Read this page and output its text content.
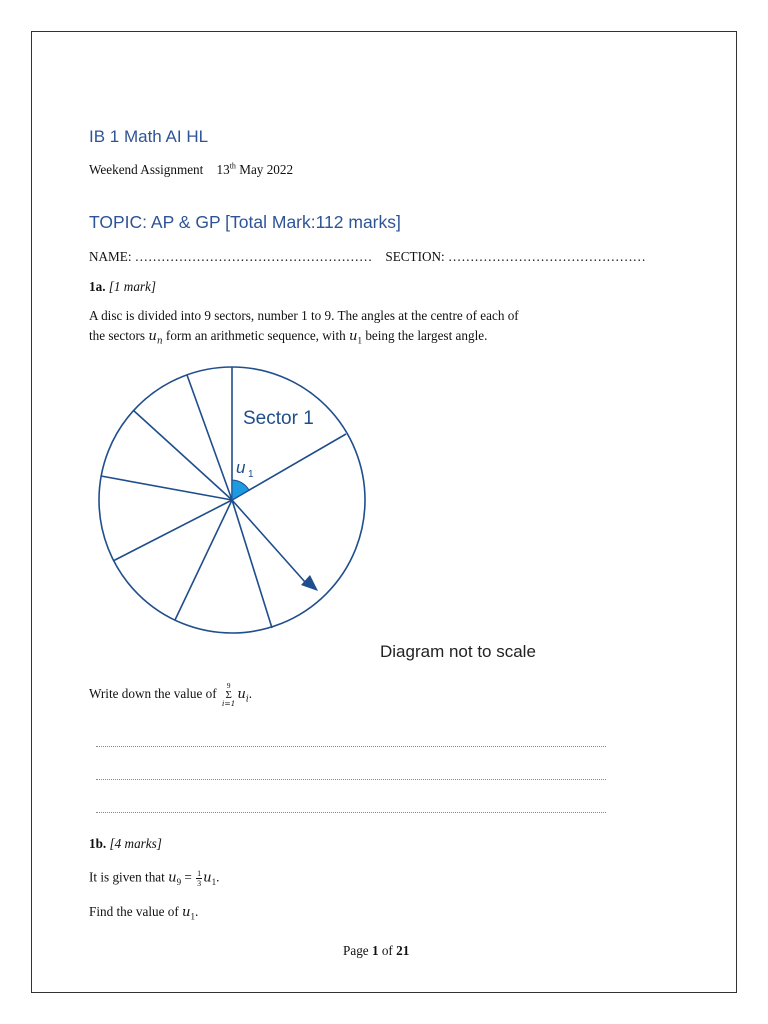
IB 1 Math AI HL
Weekend Assignment 13th May 2022
TOPIC: AP & GP [Total Mark:112 marks]
NAME: ……………………………………………… SECTION: ………………………………………
1a. [1 mark]
A disc is divided into 9 sectors, number 1 to 9. The angles at the centre of each of
the sectors $u_n$ form an arithmetic sequence, with $u_1$ being the largest angle.
Sector 1
u 1
Diagram not to scale
Write down the value of
9
Σ
i=1
$u_i$.
1b. [4 marks]
It is given that $u_9 = \frac{1}{3} u_1$.
Find the value of $u_1$.
Page 1 of 21
